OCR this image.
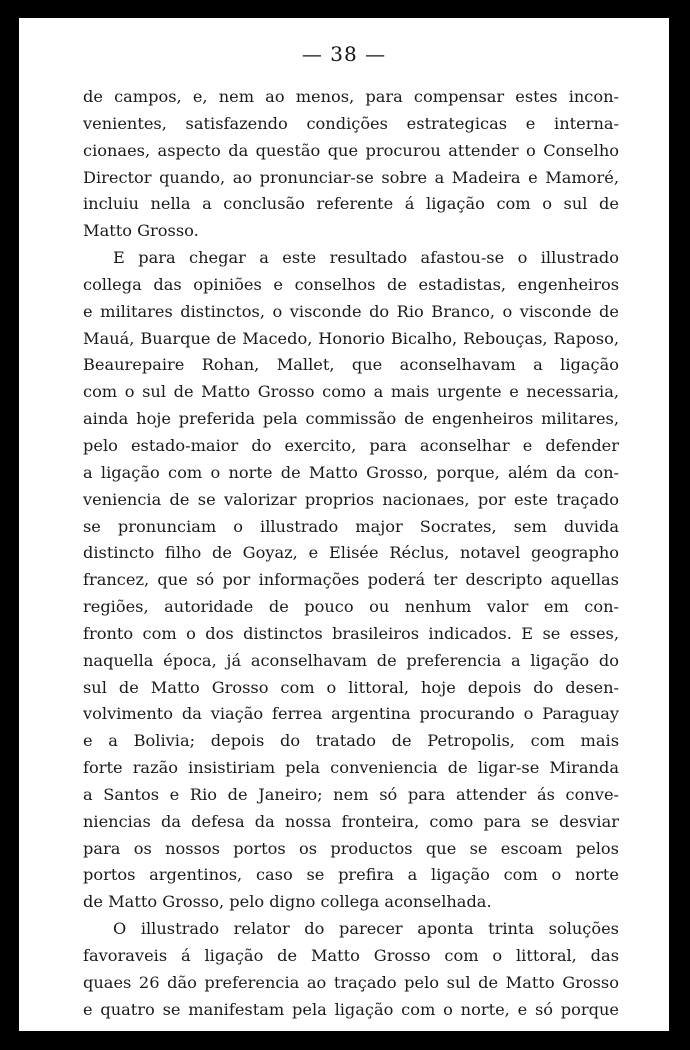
— 38 —
de campos, e, nem ao menos, para compensar estes incon-
venientes, satisfazendo condições estrategicas e interna-
cionaes, aspecto da questão que procurou attender o Conselho
Director quando, ao pronunciar-se sobre a Madeira e Mamoré,
incluiu nella a conclusão referente á ligação com o sul de
Matto Grosso.
E para chegar a este resultado afastou-se o illustrado
collega das opiniões e conselhos de estadistas, engenheiros
e militares distinctos, o visconde do Rio Branco, o visconde de
Mauá, Buarque de Macedo, Honorio Bicalho, Rebouças, Raposo,
Beaurepaire Rohan, Mallet, que aconselhavam a ligação
com o sul de Matto Grosso como a mais urgente e necessaria,
ainda hoje preferida pela commissão de engenheiros militares,
pelo estado-maior do exercito, para aconselhar e defender
a ligação com o norte de Matto Grosso, porque, além da con-
veniencia de se valorizar proprios nacionaes, por este traçado
se pronunciam o illustrado major Socrates, sem duvida
distincto filho de Goyaz, e Elisée Réclus, notavel geographo
francez, que só por informações poderá ter descripto aquellas
regiões, autoridade de pouco ou nenhum valor em con-
fronto com o dos distinctos brasileiros indicados. E se esses,
naquella época, já aconselhavam de preferencia a ligação do
sul de Matto Grosso com o littoral, hoje depois do desen-
volvimento da viação ferrea argentina procurando o Paraguay
e a Bolivia; depois do tratado de Petropolis, com mais
forte razão insistiriam pela conveniencia de ligar-se Miranda
a Santos e Rio de Janeiro; nem só para attender ás conve-
niencias da defesa da nossa fronteira, como para se desviar
para os nossos portos os productos que se escoam pelos
portos argentinos, caso se prefira a ligação com o norte
de Matto Grosso, pelo digno collega aconselhada.
O illustrado relator do parecer aponta trinta soluções
favoraveis á ligação de Matto Grosso com o littoral, das
quaes 26 dão preferencia ao traçado pelo sul de Matto Grosso
e quatro se manifestam pela ligação com o norte, e só porque
